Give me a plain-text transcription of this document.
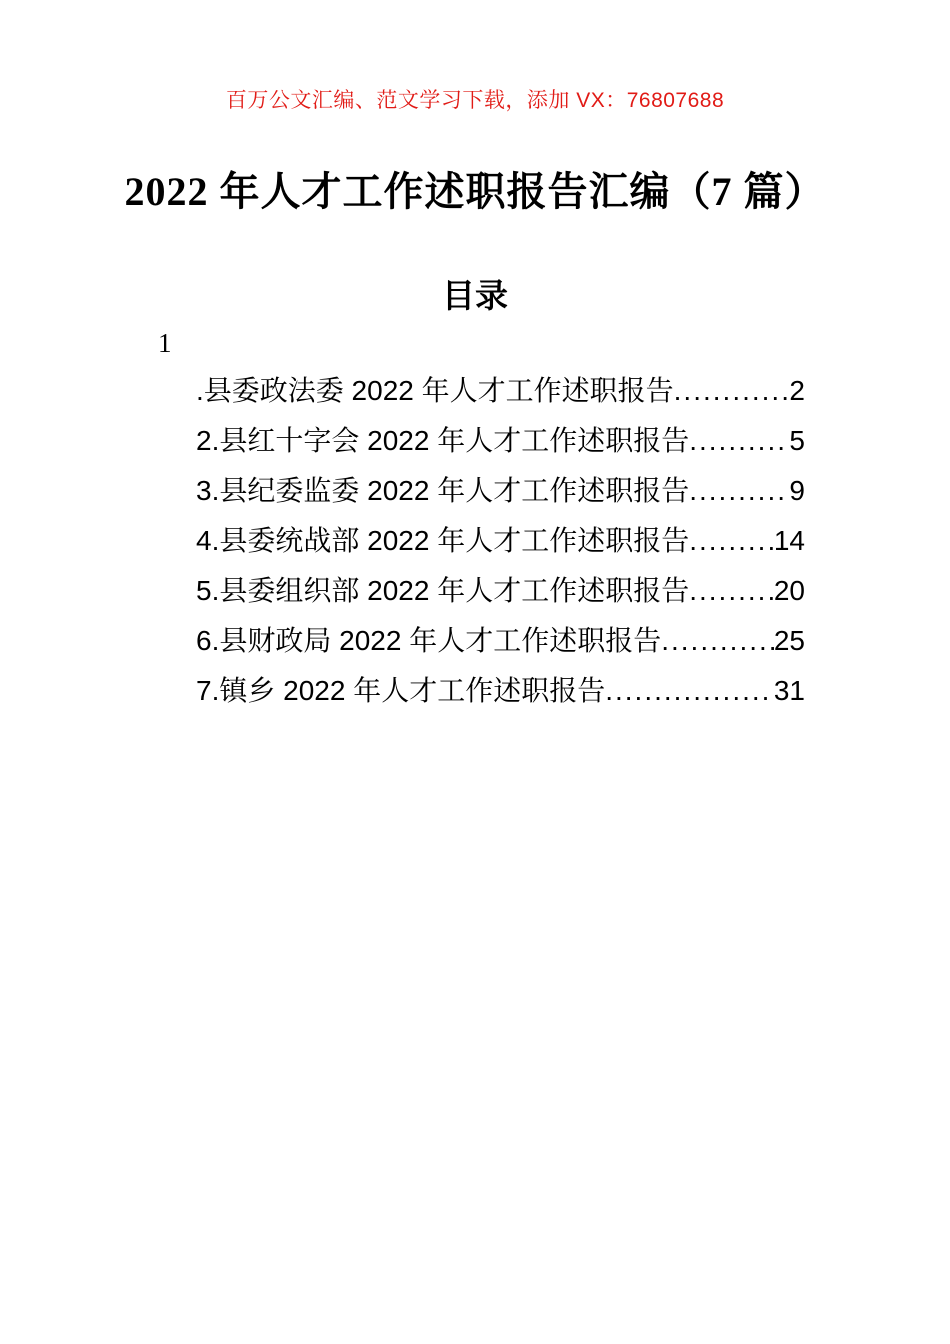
百万公文汇编、范文学习下载，添加 VX：76807688
2022 年人才工作述职报告汇编（7 篇）
目录
1
.县委政法委 2022 年人才工作述职报告 .....	2
2.县红十字会 2022 年人才工作述职报告 .....	5
3.县纪委监委 2022 年人才工作述职报告 .....	9
4.县委统战部 2022 年人才工作述职报告 .....	14
5.县委组织部 2022 年人才工作述职报告 .....	20
6.县财政局 2022 年人才工作述职报告 .....	25
7.镇乡 2022 年人才工作述职报告 .....	31
